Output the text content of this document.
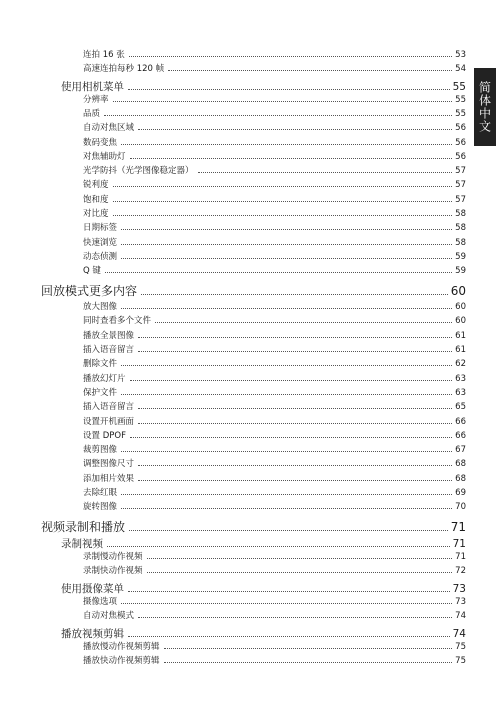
简体中文
连拍 16 张	53
高速连拍每秒 120 帧	54
使用相机菜单	55
分辨率	55
品质	55
自动对焦区域	56
数码变焦	56
对焦辅助灯	56
光学防抖（光学图像稳定器）	57
锐利度	57
饱和度	57
对比度	58
日期标签	58
快速浏览	58
动态侦测	59
Q 键	59
回放模式更多内容	60
放大图像	60
同时查看多个文件	60
播放全景图像	61
插入语音留言	61
删除文件	62
播放幻灯片	63
保护文件	63
插入语音留言	65
设置开机画面	66
设置 DPOF	66
裁剪图像	67
调整图像尺寸	68
添加相片效果	68
去除红眼	69
旋转图像	70
视频录制和播放	71
录制视频	71
录制慢动作视频	71
录制快动作视频	72
使用摄像菜单	73
摄像选项	73
自动对焦模式	74
播放视频剪辑	74
播放慢动作视频剪辑	75
播放快动作视频剪辑	75
